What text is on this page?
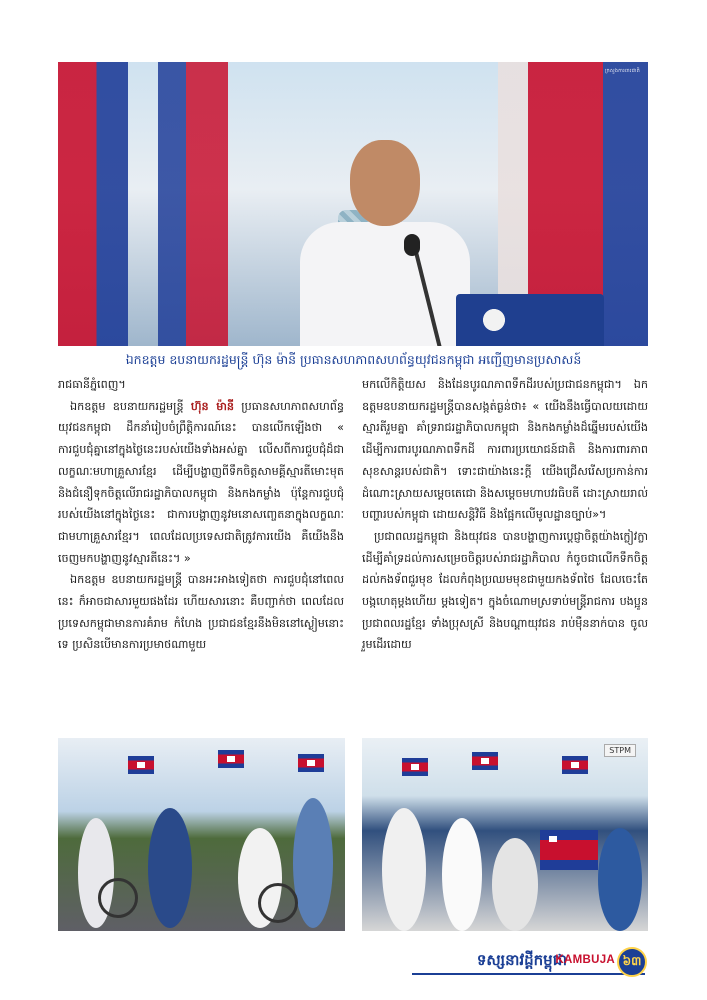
ក្រសួងការពារជាតិ
ឯកឧត្តម ឧបនាយករដ្ឋមន្ត្រី ហ៊ុន ម៉ានី ប្រធានសហភាពសហព័ន្ធយុវជនកម្ពុជា អញ្ជើញមានប្រសាសន៍

រាជធានីភ្នំពេញ។

ឯកឧត្តម ឧបនាយករដ្ឋមន្ត្រី ហ៊ុន ម៉ានី ប្រធានសហភាពសហព័ន្ធយុវជនកម្ពុជា ដឹកនាំរៀបចំព្រឹត្តិការណ៍នេះ បានលើកឡើងថា « ការជួបជុំគ្នានៅក្នុងថ្ងៃនេះរបស់យើងទាំងអស់គ្នា លើសពីការជួបជុំដ៏ជាលក្ខណៈមហាគ្រួសារខ្មែរ ដើម្បីបង្ហាញពីទឹកចិត្តសាមគ្គីស្មារតីមោះមុត និងជំនឿទុកចិត្តលើរាជរដ្ឋាភិបាលកម្ពុជា និងកងកម្លាំង ប៉ុន្តែការជួបជុំរបស់យើងនៅក្នុងថ្ងៃនេះ ជាការបង្ហាញនូវមនោសញ្ចេតនាក្នុងលក្ខណៈជាមហាគ្រួសារខ្មែរ។ ពេលដែលប្រទេសជាតិត្រូវការយើង គឺយើងនឹងចេញមកបង្ហាញនូវស្មារតីនេះ។ »

ឯកឧត្តម ឧបនាយករដ្ឋមន្ត្រី បានអះអាងទៀតថា ការជួបជុំនៅពេលនេះ ក៏អាចជាសារមួយផងដែរ ហើយសារនោះ គឺបញ្ជាក់ថា ពេលដែលប្រទេសកម្ពុជាមានការគំរាម កំហែង ប្រជាជនខ្មែរនឹងមិននៅស្ងៀមនោះទេ ប្រសិនបើមានការប្រមាថណាមួយ

មកលើកិត្តិយស និងដែនបូរណភាពទឹកដីរបស់ប្រជាជនកម្ពុជា។ ឯកឧត្តមឧបនាយករដ្ឋមន្ត្រីបានសង្កត់ធ្ងន់ថា៖ « យើងនឹងធ្វើបាលយដោយស្មារតីរួមគ្នា គាំទ្ររាជរដ្ឋាភិបាលកម្ពុជា និងកងកម្លាំងដ៏ឆ្នើមរបស់យើង ដើម្បីការពារបូរណភាពទឹកដី ការពារប្រយោជន៍ជាតិ និងការពារភាពសុខសាន្តរបស់ជាតិ។ ទោះជាយ៉ាងនេះក្តី យើងជ្រើសរើសប្រកាន់ការដំណោះស្រាយសម្តេចតេជោ និងសម្តេចមហាបវរធិបតី ដោះស្រាយរាល់បញ្ហារបស់កម្ពុជា ដោយសន្តិវិធី និងផ្អែកលើមូលដ្ឋានច្បាប់»។

ប្រជាពលរដ្ឋកម្ពុជា និងយុវជន បានបង្ហាញការប្តេជ្ញាចិត្តយ៉ាងក្លៀវក្លា ដើម្បីគាំទ្រដល់ការសម្រេចចិត្តរបស់រាជរដ្ឋាភិបាល កំចូចជាលើកទឹកចិត្តដល់កងទ័ពជួរមុខ ដែលកំពុងប្រឈមមុខជាមួយកងទ័ពថៃ ដែលចេះតែបង្កហេតុម្តងហើយ ម្តងទៀត។ ក្នុងចំណោមស្រទាប់មន្ត្រីរាជការ បងប្អូនប្រជាពលរដ្ឋខ្មែរ ទាំងប្រុសស្រី និងបណ្តាយុវជន រាប់ម៉ឺននាក់បាន ចូលរួមដើរដោយ

STPM
ទស្សនាវដ្តីកម្ពុជា
KAMBUJA ៦៣
